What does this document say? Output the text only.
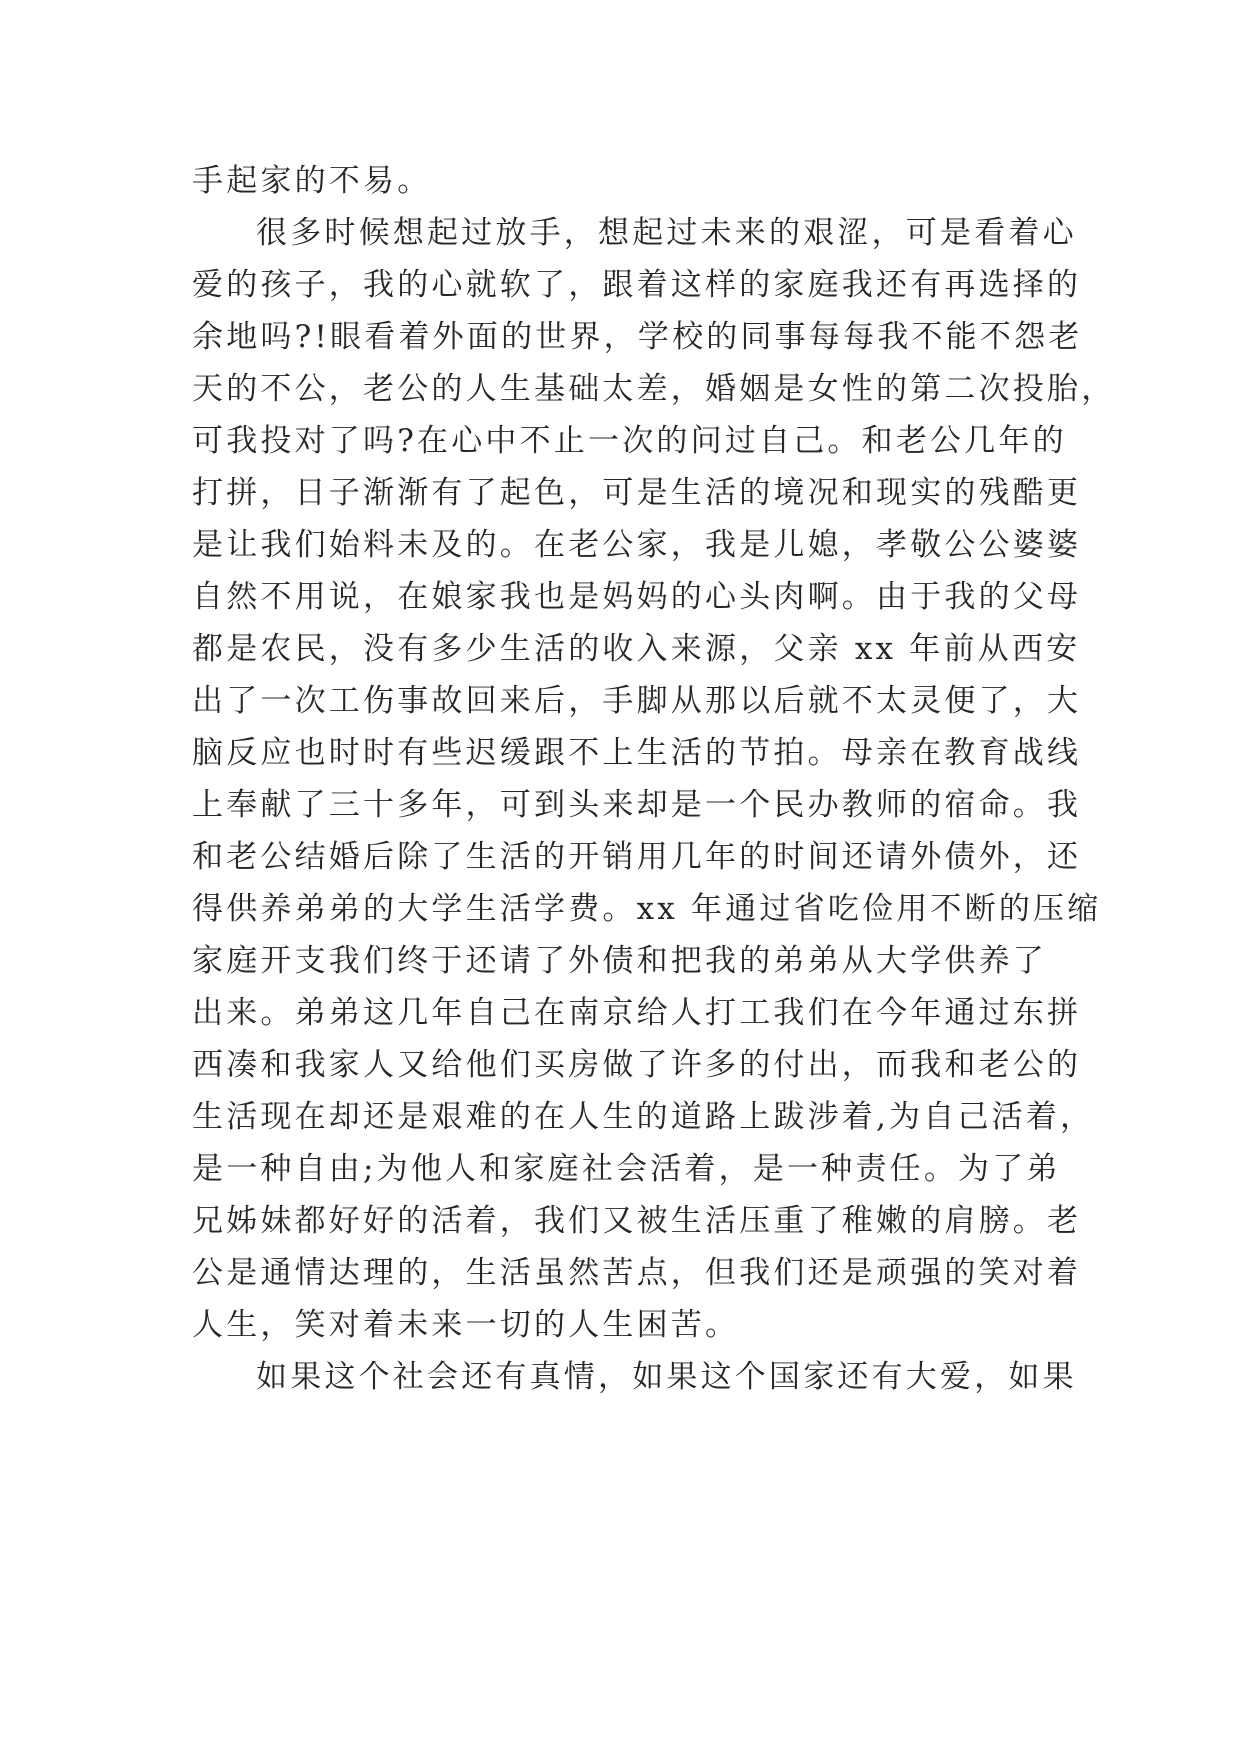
手起家的不易。
很多时候想起过放手，想起过未来的艰涩，可是看着心
爱的孩子，我的心就软了，跟着这样的家庭我还有再选择的
余地吗?!眼看着外面的世界，学校的同事每每我不能不怨老
天的不公，老公的人生基础太差，婚姻是女性的第二次投胎，
可我投对了吗?在心中不止一次的问过自己。和老公几年的
打拼，日子渐渐有了起色，可是生活的境况和现实的残酷更
是让我们始料未及的。在老公家，我是儿媳，孝敬公公婆婆
自然不用说，在娘家我也是妈妈的心头肉啊。由于我的父母
都是农民，没有多少生活的收入来源，父亲 xx 年前从西安
出了一次工伤事故回来后，手脚从那以后就不太灵便了，大
脑反应也时时有些迟缓跟不上生活的节拍。母亲在教育战线
上奉献了三十多年，可到头来却是一个民办教师的宿命。我
和老公结婚后除了生活的开销用几年的时间还请外债外，还
得供养弟弟的大学生活学费。xx 年通过省吃俭用不断的压缩
家庭开支我们终于还请了外债和把我的弟弟从大学供养了
出来。弟弟这几年自己在南京给人打工我们在今年通过东拼
西凑和我家人又给他们买房做了许多的付出，而我和老公的
生活现在却还是艰难的在人生的道路上跋涉着,为自己活着，
是一种自由;为他人和家庭社会活着，是一种责任。为了弟
兄姊妹都好好的活着，我们又被生活压重了稚嫩的肩膀。老
公是通情达理的，生活虽然苦点，但我们还是顽强的笑对着
人生，笑对着未来一切的人生困苦。
如果这个社会还有真情，如果这个国家还有大爱，如果
